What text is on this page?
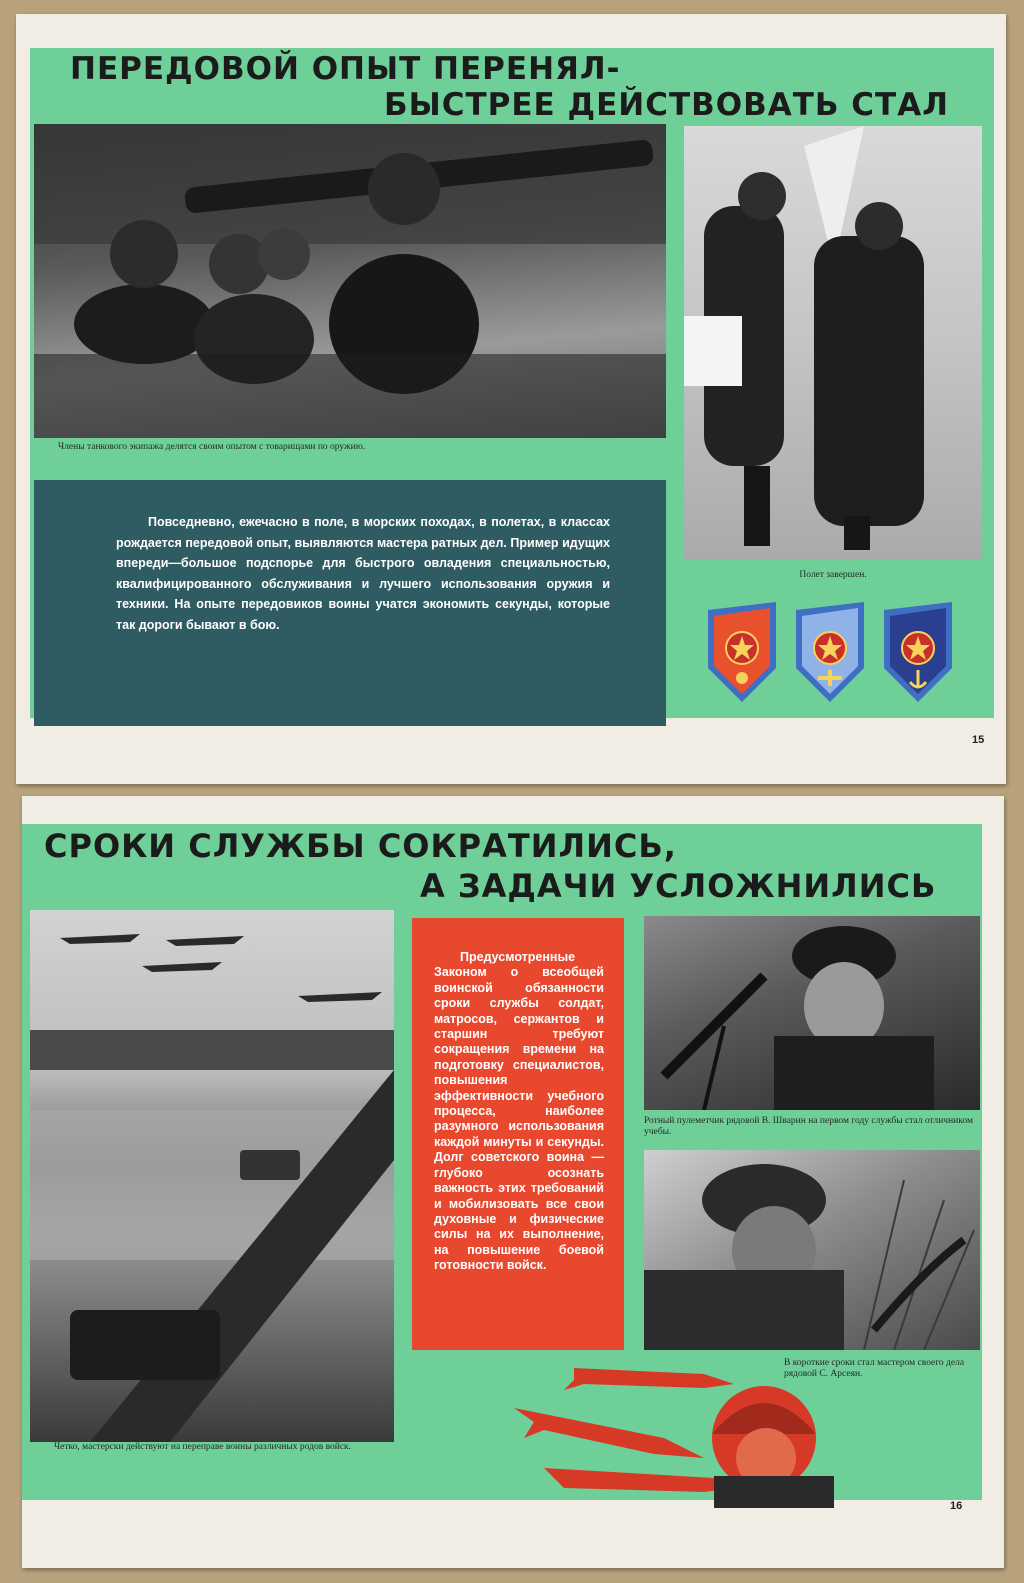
ПЕРЕДОВОЙ ОПЫТ ПЕРЕНЯЛ-
БЫСТРЕЕ ДЕЙСТВОВАТЬ СТАЛ
Члены танкового экипажа делятся своим опытом с товарищами по оружию.
Полет завершен.
Повседневно, ежечасно в поле, в морских походах, в полетах, в классах рождается передовой опыт, выявляются мастера ратных дел. Пример идущих впереди—большое подспорье для быстрого овладения специальностью, квалифицированного обслуживания и лучшего использования оружия и техники. На опыте передовиков воины учатся экономить секунды, которые так дороги бывают в бою.
15
СРОКИ СЛУЖБЫ СОКРАТИЛИСЬ,
А ЗАДАЧИ УСЛОЖНИЛИСЬ
Четко, мастерски действуют на переправе воины различных родов войск.
Предусмотренные Законом о всеобщей воинской обязанности сроки службы солдат, матросов, сержантов и старшин требуют сокращения времени на подготовку специалистов, повышения эффективности учебного процесса, наиболее разумного использования каждой минуты и секунды. Долг советского воина — глубоко осознать важность этих требований и мобилизовать все свои духовные и физические силы на их выполнение, на повышение боевой готовности войск.
Ротный пулеметчик рядовой В. Шварин на первом году службы стал отличником учебы.
В короткие сроки стал мастером своего дела рядовой С. Арсеян.
16
